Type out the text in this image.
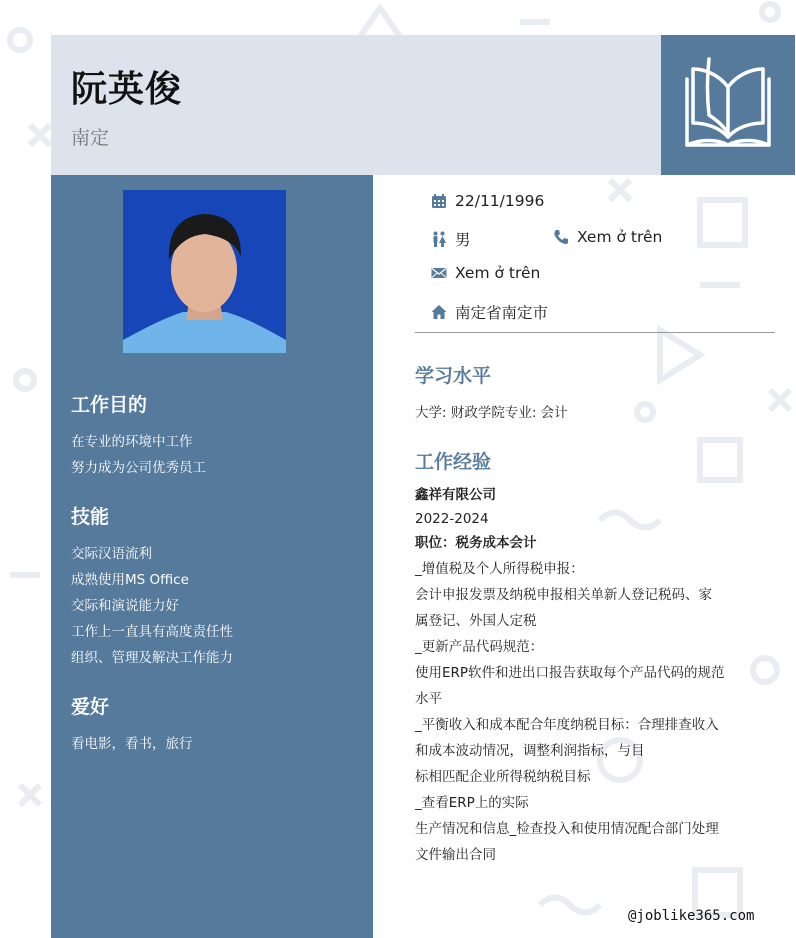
阮英俊
南定
工作目的

在专业的环境中工作

努力成为公司优秀员工

技能

交际汉语流利

成熟使用MS Office

交际和演说能力好

工作上一直具有高度责任性

组织、管理及解决工作能力

爱好

看电影，看书，旅行

22/11/1996
男	Xem ở trên
Xem ở trên
南定省南定市
学习水平
大学: 财政学院专业: 会计
工作经验

鑫祥有限公司

2022-2024

职位：税务成本会计

_增值税及个人所得税申报：

会计申报发票及纳税申报相关单新人登记税码、家

属登记、外国人定税

_更新产品代码规范：

使用ERP软件和进出口报告获取每个产品代码的规范

水平

_平衡收入和成本配合年度纳税目标：合理排查收入

和成本波动情况，调整利润指标，与目

标相匹配企业所得税纳税目标

_查看ERP上的实际

生产情况和信息_检查投入和使用情况配合部门处理

文件输出合同

@joblike365.com
